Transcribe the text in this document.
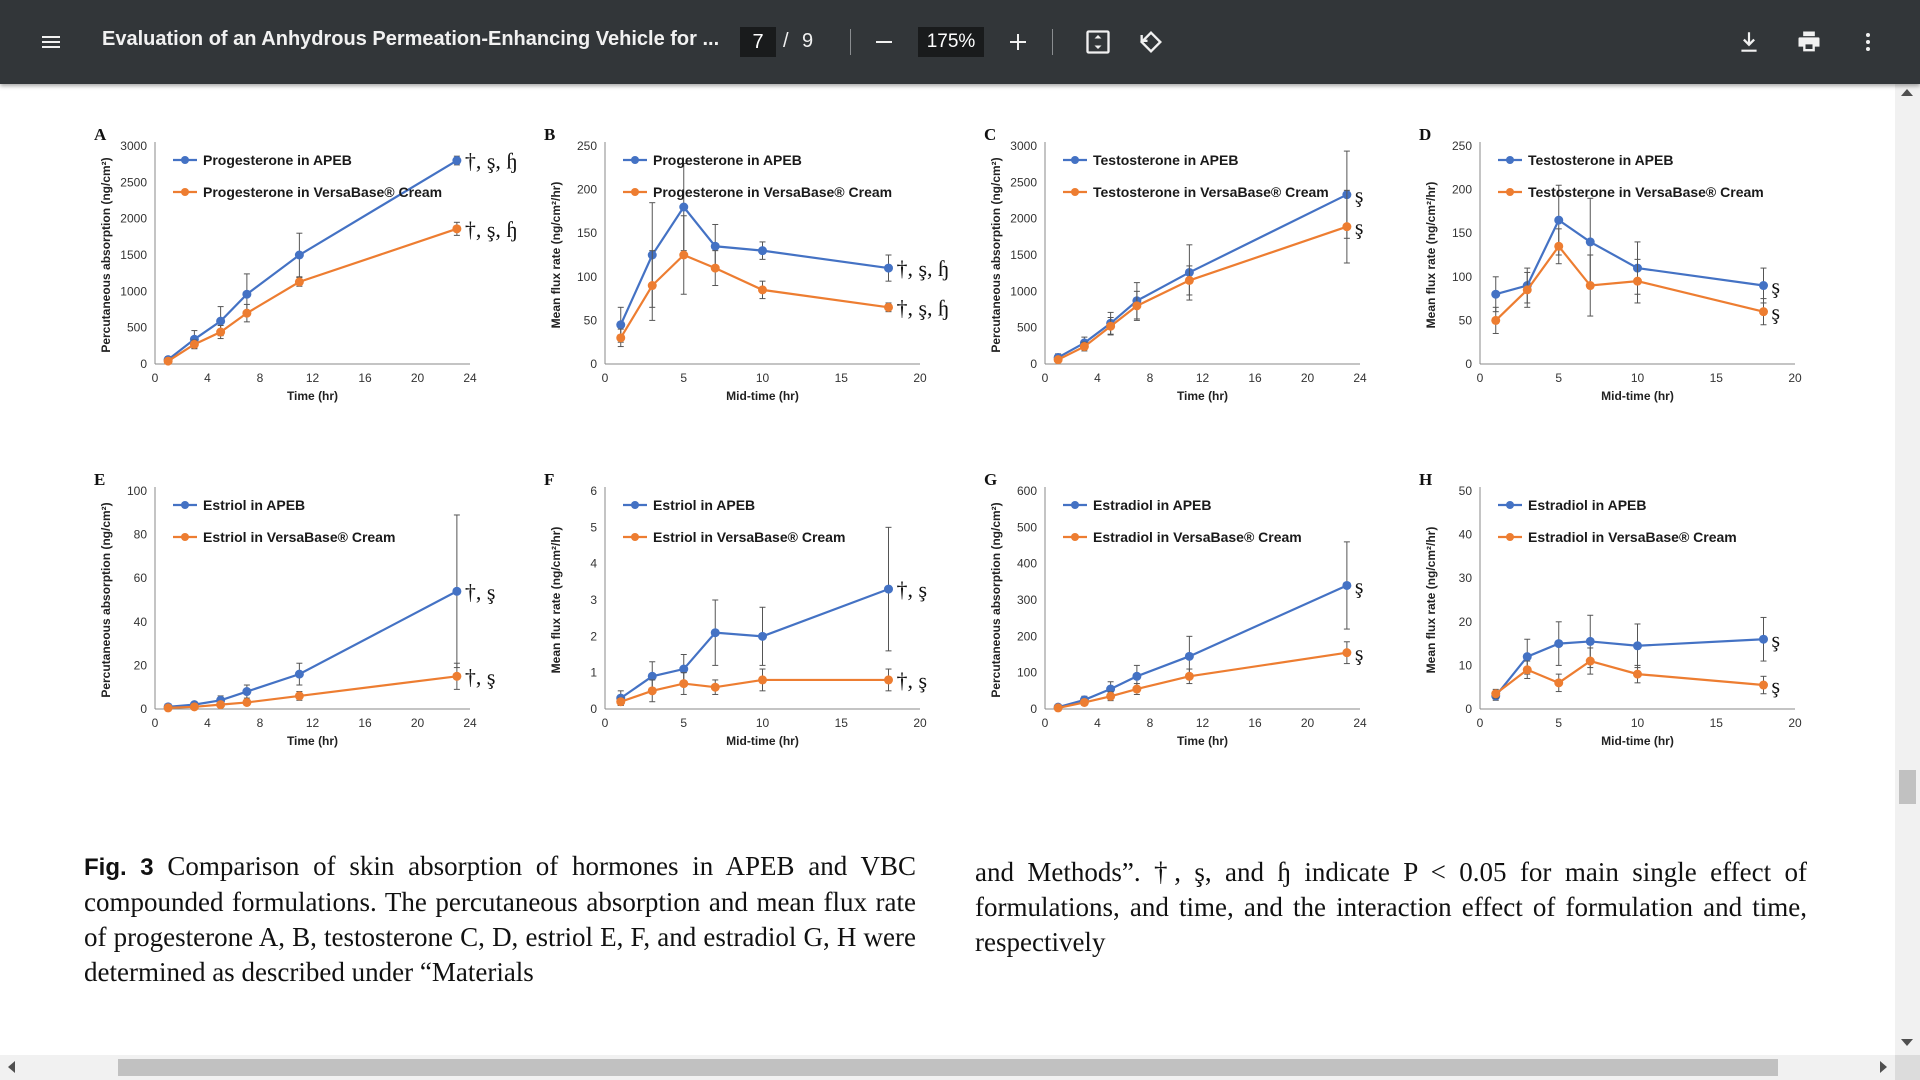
Evaluation of an Anhydrous Permeation-Enhancing Vehicle for ...	7 / 9	175%
A
0
500
1000
1500
2000
2500
3000
0	4	8	12	16	20	24
Time (hr)
Percutaneous absorption (ng/cm²)	†, ş, ɧ
Progesterone in APEB
†, ş, ɧ
Progesterone in VersaBase® Cream
B
0
50
100
150
200
250
0	5	10	15	20
Mid-time (hr)
Mean flux rate (ng/cm²/hr)	†, ş, ɧ
Progesterone in APEB
†, ş, ɧ
Progesterone in VersaBase® Cream
C
0
500
1000
1500
2000
2500
3000
0	4	8	12	16	20	24
Time (hr)
Percutaneous absorption (ng/cm²)	ş
Testosterone in APEB
ş
Testosterone in VersaBase® Cream
D
0
50
100
150
200
250
0	5	10	15	20
Mid-time (hr)
Mean flux rate (ng/cm²/hr)	ş
Testosterone in APEB
ş
Testosterone in VersaBase® Cream
E
0
20
40
60
80
100
0	4	8	12	16	20	24
Time (hr)
Percutaneous absorption (ng/cm²)	†, ş
Estriol in APEB
†, ş
Estriol in VersaBase® Cream
F
0
1
2
3
4
5
6
0	5	10	15	20
Mid-time (hr)
Mean flux rate (ng/cm²/hr)	†, ş
Estriol in APEB
†, ş
Estriol in VersaBase® Cream
G
0
100
200
300
400
500
600
0	4	8	12	16	20	24
Time (hr)
Percutaneous absorption (ng/cm²)	ş
Estradiol in APEB
ş
Estradiol in VersaBase® Cream
H
0
10
20
30
40
50
0	5	10	15	20
Mid-time (hr)
Mean flux rate (ng/cm²/hr)	ş
Estradiol in APEB
ş
Estradiol in VersaBase® Cream
Fig. 3 Comparison of skin absorption of hormones in APEB and VBC compounded formulations. The percutaneous absorption and mean flux rate of progesterone A, B, testosterone C, D, estriol E, F, and estradiol G, H were determined as described under “Materials
and Methods”. †, ş, and ɧ indicate P < 0.05 for main single effect of formulations, and time, and the interaction effect of formulation and time, respectively
